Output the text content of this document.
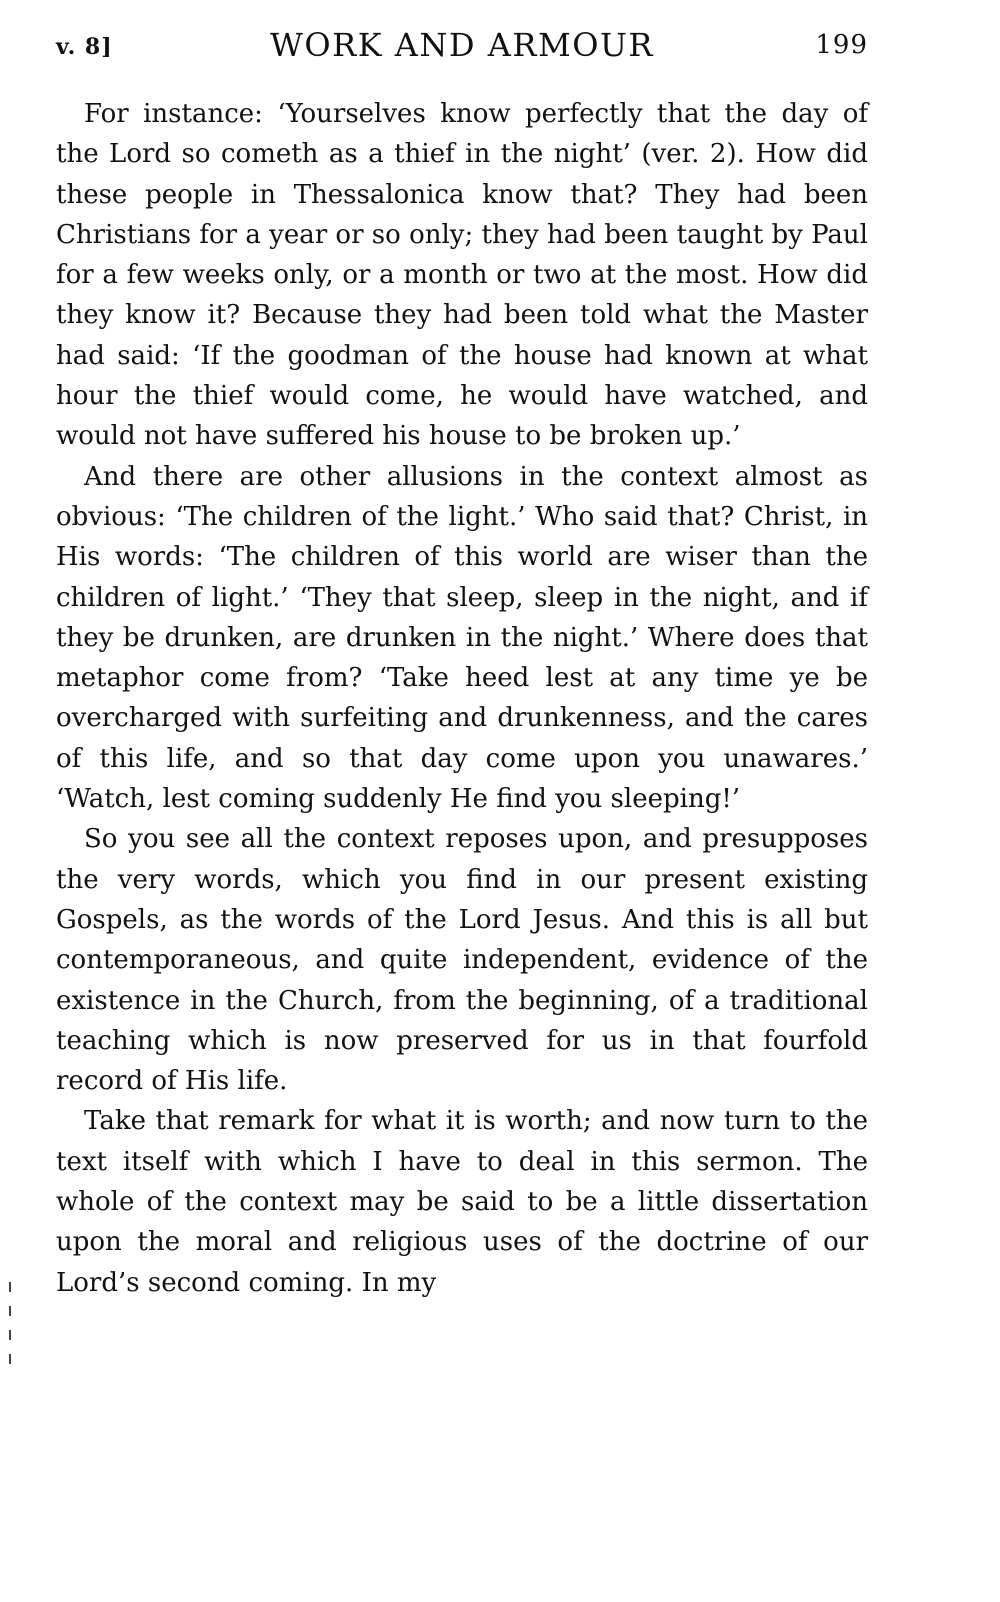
v. 8]	WORK AND ARMOUR	199

For instance: ‘Yourselves know perfectly that the day of the Lord so cometh as a thief in the night’ (ver. 2). How did these people in Thessalonica know that? They had been Christians for a year or so only; they had been taught by Paul for a few weeks only, or a month or two at the most. How did they know it? Because they had been told what the Master had said: ‘If the goodman of the house had known at what hour the thief would come, he would have watched, and would not have suffered his house to be broken up.’

And there are other allusions in the context almost as obvious: ‘The children of the light.’ Who said that? Christ, in His words: ‘The children of this world are wiser than the children of light.’ ‘They that sleep, sleep in the night, and if they be drunken, are drunken in the night.’ Where does that metaphor come from? ‘Take heed lest at any time ye be overcharged with surfeiting and drunkenness, and the cares of this life, and so that day come upon you unawares.’ ‘Watch, lest coming suddenly He find you sleeping!’

So you see all the context reposes upon, and presupposes the very words, which you find in our present existing Gospels, as the words of the Lord Jesus. And this is all but contemporaneous, and quite independent, evidence of the existence in the Church, from the beginning, of a traditional teaching which is now preserved for us in that fourfold record of His life.

Take that remark for what it is worth; and now turn to the text itself with which I have to deal in this sermon. The whole of the context may be said to be a little dissertation upon the moral and religious uses of the doctrine of our Lord’s second coming. In my
